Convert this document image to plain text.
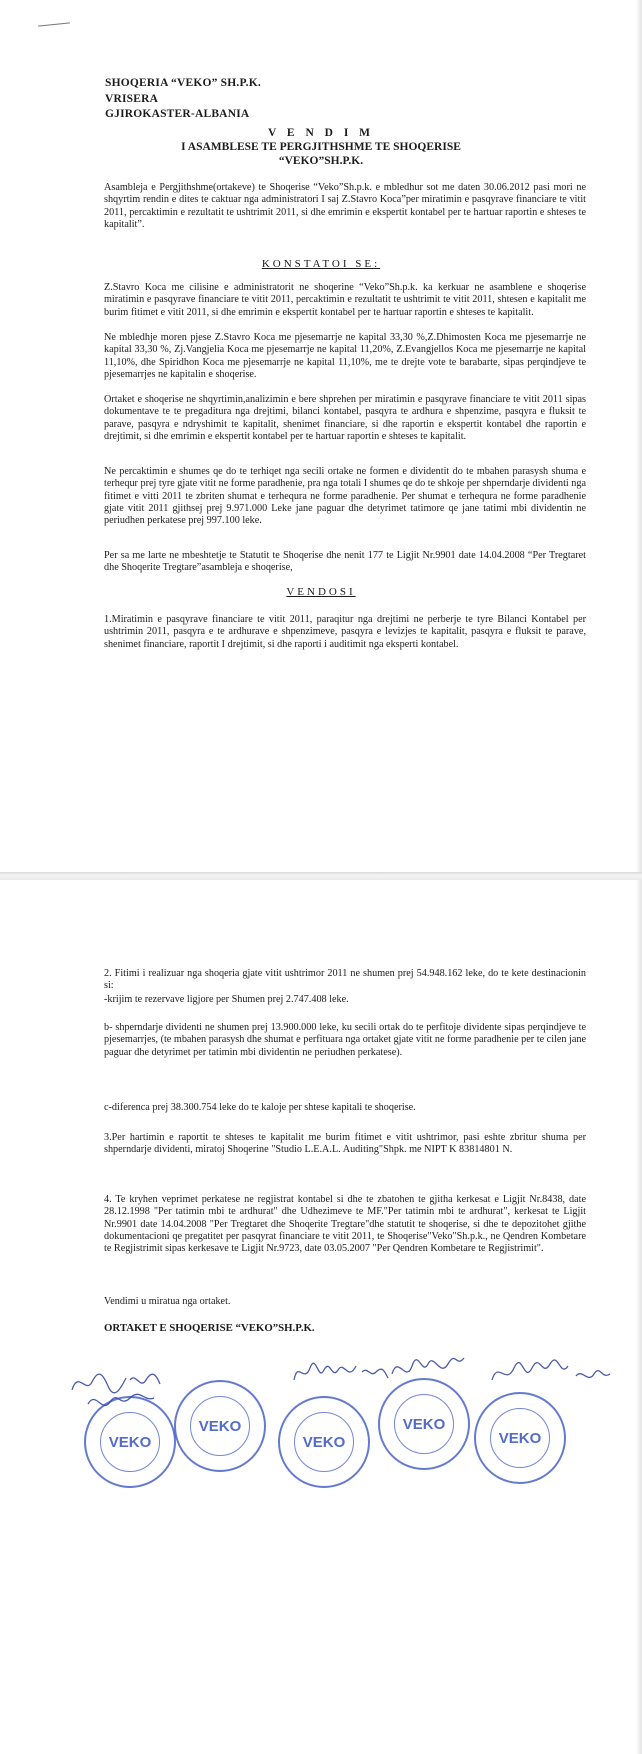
SHOQERIA “VEKO” SH.P.K.
VRISERA
GJIROKASTER-ALBANIA
V E N D I M
I ASAMBLESE TE PERGJITHSHME TE SHOQERISE
“VEKO”SH.P.K.
Asambleja e Pergjithshme(ortakeve) te Shoqerise “Veko”Sh.p.k. e mbledhur sot me daten 30.06.2012 pasi mori ne shqyrtim rendin e dites te caktuar nga administratori I saj Z.Stavro Koca”per miratimin e pasqyrave financiare te vitit 2011, percaktimin e rezultatit te ushtrimit 2011, si dhe emrimin e ekspertit kontabel per te hartuar raportin e shteses te kapitalit”.
KONSTATOI SE:
Z.Stavro Koca me cilisine e administratorit ne shoqerine “Veko”Sh.p.k. ka kerkuar ne asamblene e shoqerise miratimin e pasqyrave financiare te vitit 2011, percaktimin e rezultatit te ushtrimit te vitit 2011, shtesen e kapitalit me burim fitimet e vitit 2011, si dhe emrimin e ekspertit kontabel per te hartuar raportin e shteses te kapitalit.
Ne mbledhje moren pjese Z.Stavro Koca me pjesemarrje ne kapital 33,30 %,Z.Dhimosten Koca me pjesemarrje ne kapital 33,30 %, Zj.Vangjelia Koca me pjesemarrje ne kapital 11,20%, Z.Evangjellos Koca me pjesemarrje ne kapital 11,10%, dhe Spiridhon Koca me pjesemarrje ne kapital 11,10%, me te drejte vote te barabarte, sipas perqindjeve te pjesemarrjes ne kapitalin e shoqerise.
Ortaket e shoqerise ne shqyrtimin,analizimin e bere shprehen per miratimin e pasqyrave financiare te vitit 2011 sipas dokumentave te te pregaditura nga drejtimi, bilanci kontabel, pasqyra te ardhura e shpenzime, pasqyra e fluksit te parave, pasqyra e ndryshimit te kapitalit, shenimet financiare, si dhe raportin e ekspertit kontabel dhe raportin e drejtimit, si dhe emrimin e ekspertit kontabel per te hartuar raportin e shteses te kapitalit.
Ne percaktimin e shumes qe do te terhiqet nga secili ortake ne formen e dividentit do te mbahen parasysh shuma e terhequr prej tyre gjate vitit ne forme paradhenie, pra nga totali I shumes qe do te shkoje per shperndarje dividenti nga fitimet e vitti 2011 te zbriten shumat e terhequra ne forme paradhenie. Per shumat e terhequra ne forme paradhenie gjate vitit 2011 gjithsej prej 9.971.000 Leke jane paguar dhe detyrimet tatimore qe jane tatimi mbi dividentin ne periudhen perkatese prej 997.100 leke.
Per sa me larte ne mbeshtetje te Statutit te Shoqerise dhe nenit 177 te Ligjit Nr.9901 date 14.04.2008 “Per Tregtaret dhe Shoqerite Tregtare”asambleja e shoqerise,
VENDOSI
1.Miratimin e pasqyrave financiare te vitit 2011, paraqitur nga drejtimi ne perberje te tyre Bilanci Kontabel per ushtrimin 2011, pasqyra e te ardhurave e shpenzimeve, pasqyra e levizjes te kapitalit, pasqyra e fluksit te parave, shenimet financiare, raportit I drejtimit, si dhe raporti i auditimit nga eksperti kontabel.
2. Fitimi i realizuar nga shoqeria gjate vitit ushtrimor 2011 ne shumen prej 54.948.162 leke, do te kete destinacionin si:
-krijim te rezervave ligjore per Shumen prej 2.747.408 leke.
b- shperndarje dividenti ne shumen prej 13.900.000 leke, ku secili ortak do te perfitoje dividente sipas perqindjeve te pjesemarrjes, (te mbahen parasysh dhe shumat e perfituara nga ortaket gjate vitit ne forme paradhenie per te cilen jane paguar dhe detyrimet per tatimin mbi dividentin ne periudhen perkatese).
c-diferenca prej 38.300.754 leke do te kaloje per shtese kapitali te shoqerise.
3.Per hartimin e raportit te shteses te kapitalit me burim fitimet e vitit ushtrimor, pasi eshte zbritur shuma per shperndarje dividenti, miratoj Shoqerine "Studio L.E.A.L. Auditing"Shpk. me NIPT K 83814801 N.
4. Te kryhen veprimet perkatese ne regjistrat kontabel si dhe te zbatohen te gjitha kerkesat e Ligjit Nr.8438, date 28.12.1998 "Per tatimin mbi te ardhurat" dhe Udhezimeve te MF."Per tatimin mbi te ardhurat", kerkesat te Ligjit Nr.9901 date 14.04.2008 "Per Tregtaret dhe Shoqerite Tregtare"dhe statutit te shoqerise, si dhe te depozitohet gjithe dokumentacioni qe pregatitet per pasqyrat financiare te vitit 2011, te Shoqerise"Veko"Sh.p.k., ne Qendren Kombetare te Regjistrimit sipas kerkesave te Ligjit Nr.9723, date 03.05.2007 "Per Qendren Kombetare te Regjistrimit".
Vendimi u miratua nga ortaket.
ORTAKET E SHOQERISE “VEKO”SH.P.K.
VEKO
VEKO
VEKO
VEKO
VEKO
